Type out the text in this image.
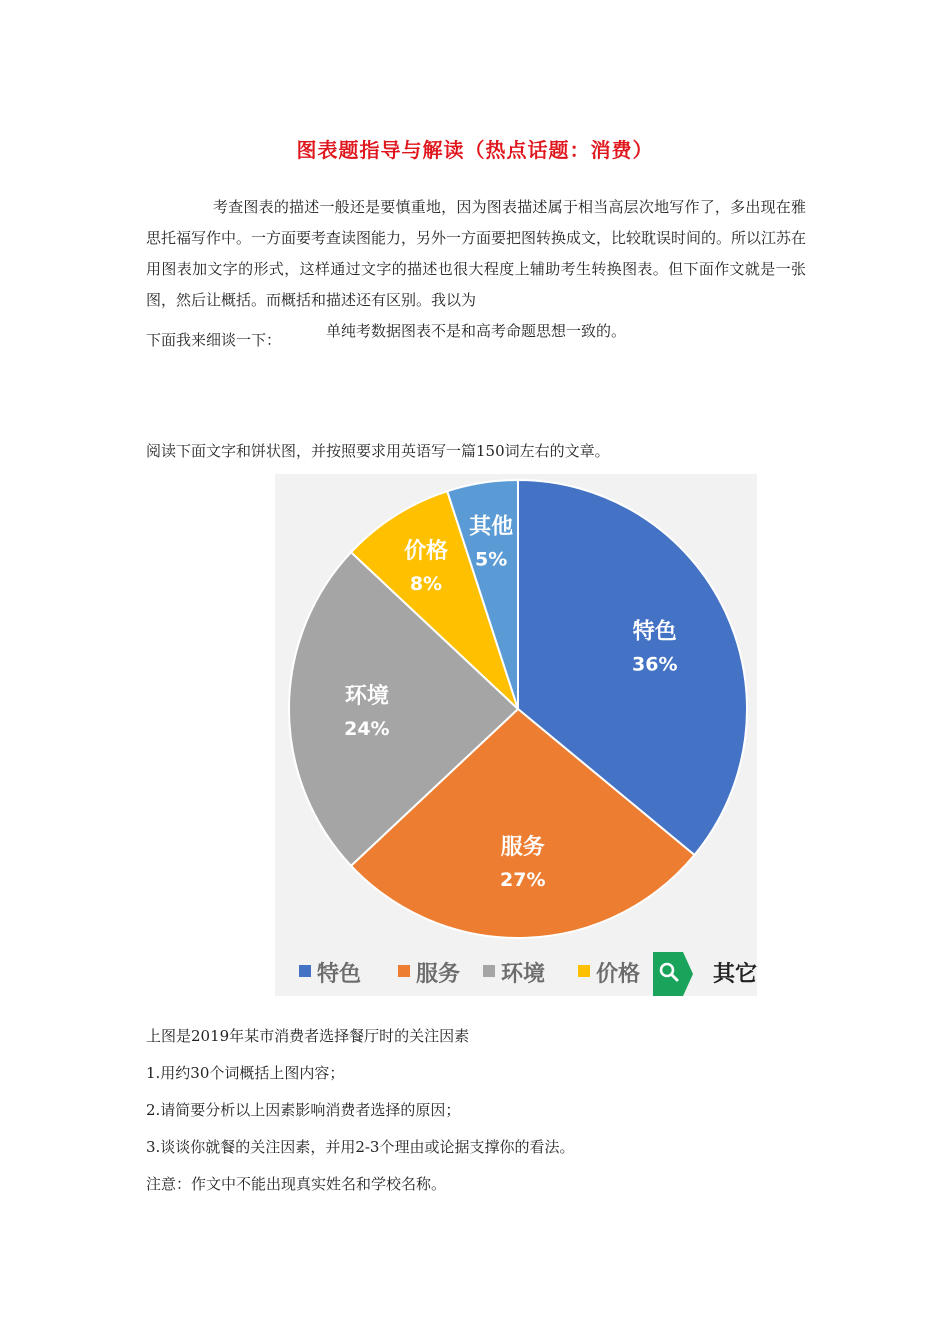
图表题指导与解读（热点话题：消费）
考查图表的描述一般还是要慎重地，因为图表描述属于相当高层次地写作了，多出现在雅思托福写作中。一方面要考查读图能力，另外一方面要把图转换成文，比较耽误时间的。所以江苏在用图表加文字的形式，这样通过文字的描述也很大程度上辅助考生转换图表。但下面作文就是一张图，然后让概括。而概括和描述还有区别。我以为
单纯考数据图表不是和高考命题思想一致的。
下面我来细谈一下：
阅读下面文字和饼状图，并按照要求用英语写一篇150词左右的文章。
特色
36%
服务
27%
环境
24%
价格
8%
其他
5%
特色 服务 环境 价格	其它
上图是2019年某市消费者选择餐厅时的关注因素
1.用约30个词概括上图内容；
2.请简要分析以上因素影响消费者选择的原因；
3.谈谈你就餐的关注因素，并用2-3个理由或论据支撑你的看法。
注意：作文中不能出现真实姓名和学校名称。
